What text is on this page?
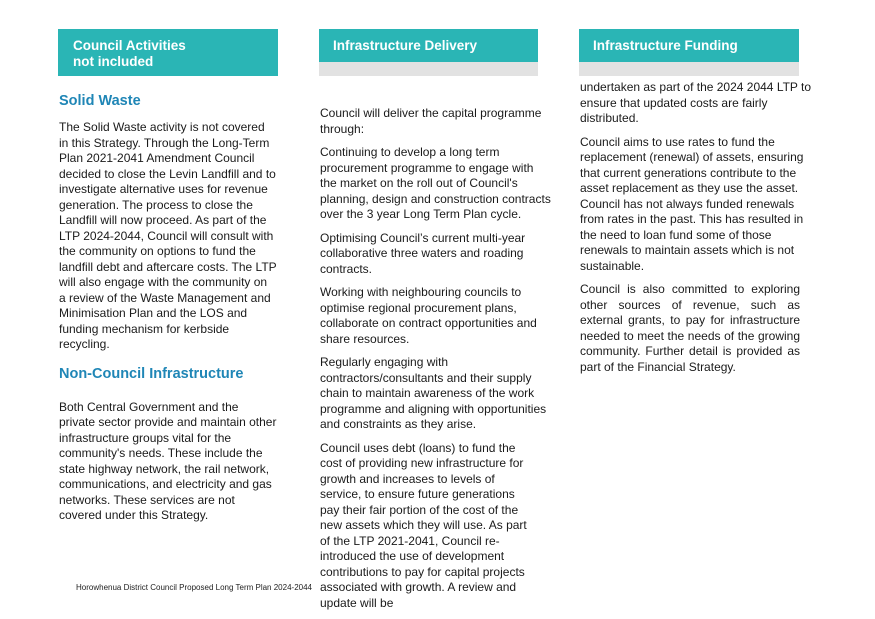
Council Activities
not included
Solid Waste

The Solid Waste activity is not covered in this Strategy. Through the Long-Term Plan 2021-2041 Amendment Council decided to close the Levin Landfill and to investigate alternative uses for revenue generation. The process to close the Landfill will now proceed. As part of the LTP 2024-2044, Council will consult with the community on options to fund the landfill debt and aftercare costs. The LTP will also engage with the community on a review of the Waste Management and Minimisation Plan and the LOS and funding mechanism for kerbside recycling.

Non-Council Infrastructure

Both Central Government and the private sector provide and maintain other infrastructure groups vital for the community's needs. These include the state highway network, the rail network, communications, and electricity and gas networks. These services are not covered under this Strategy.

Infrastructure Delivery

Council will deliver the capital programme through:

Continuing to develop a long term procurement programme to engage with the market on the roll out of Council's planning, design and construction contracts over the 3 year Long Term Plan cycle.

Optimising Council’s current multi-year collaborative three waters and roading contracts.

Working with neighbouring councils to optimise regional procurement plans, collaborate on contract opportunities and share resources.

Regularly engaging with contractors/consultants and their supply chain to maintain awareness of the work programme and aligning with opportunities and constraints as they arise.

Council uses debt (loans) to fund the cost of providing new infrastructure for growth and increases to levels of service, to ensure future generations pay their fair portion of the cost of the new assets which they will use. As part of the LTP 2021-2041, Council re-introduced the use of development contributions to pay for capital projects associated with growth. A review and update will be

Infrastructure Funding

undertaken as part of the 2024 2044 LTP to ensure that updated costs are fairly distributed.

Council aims to use rates to fund the replacement (renewal) of assets, ensuring that current generations contribute to the asset replacement as they use the asset. Council has not always funded renewals from rates in the past. This has resulted in the need to loan fund some of those renewals to maintain assets which is not sustainable.

Council is also committed to exploring other sources of revenue, such as external grants, to pay for infrastructure needed to meet the needs of the growing community. Further detail is provided as part of the Financial Strategy.

Horowhenua District Council Proposed Long Term Plan 2024-2044
